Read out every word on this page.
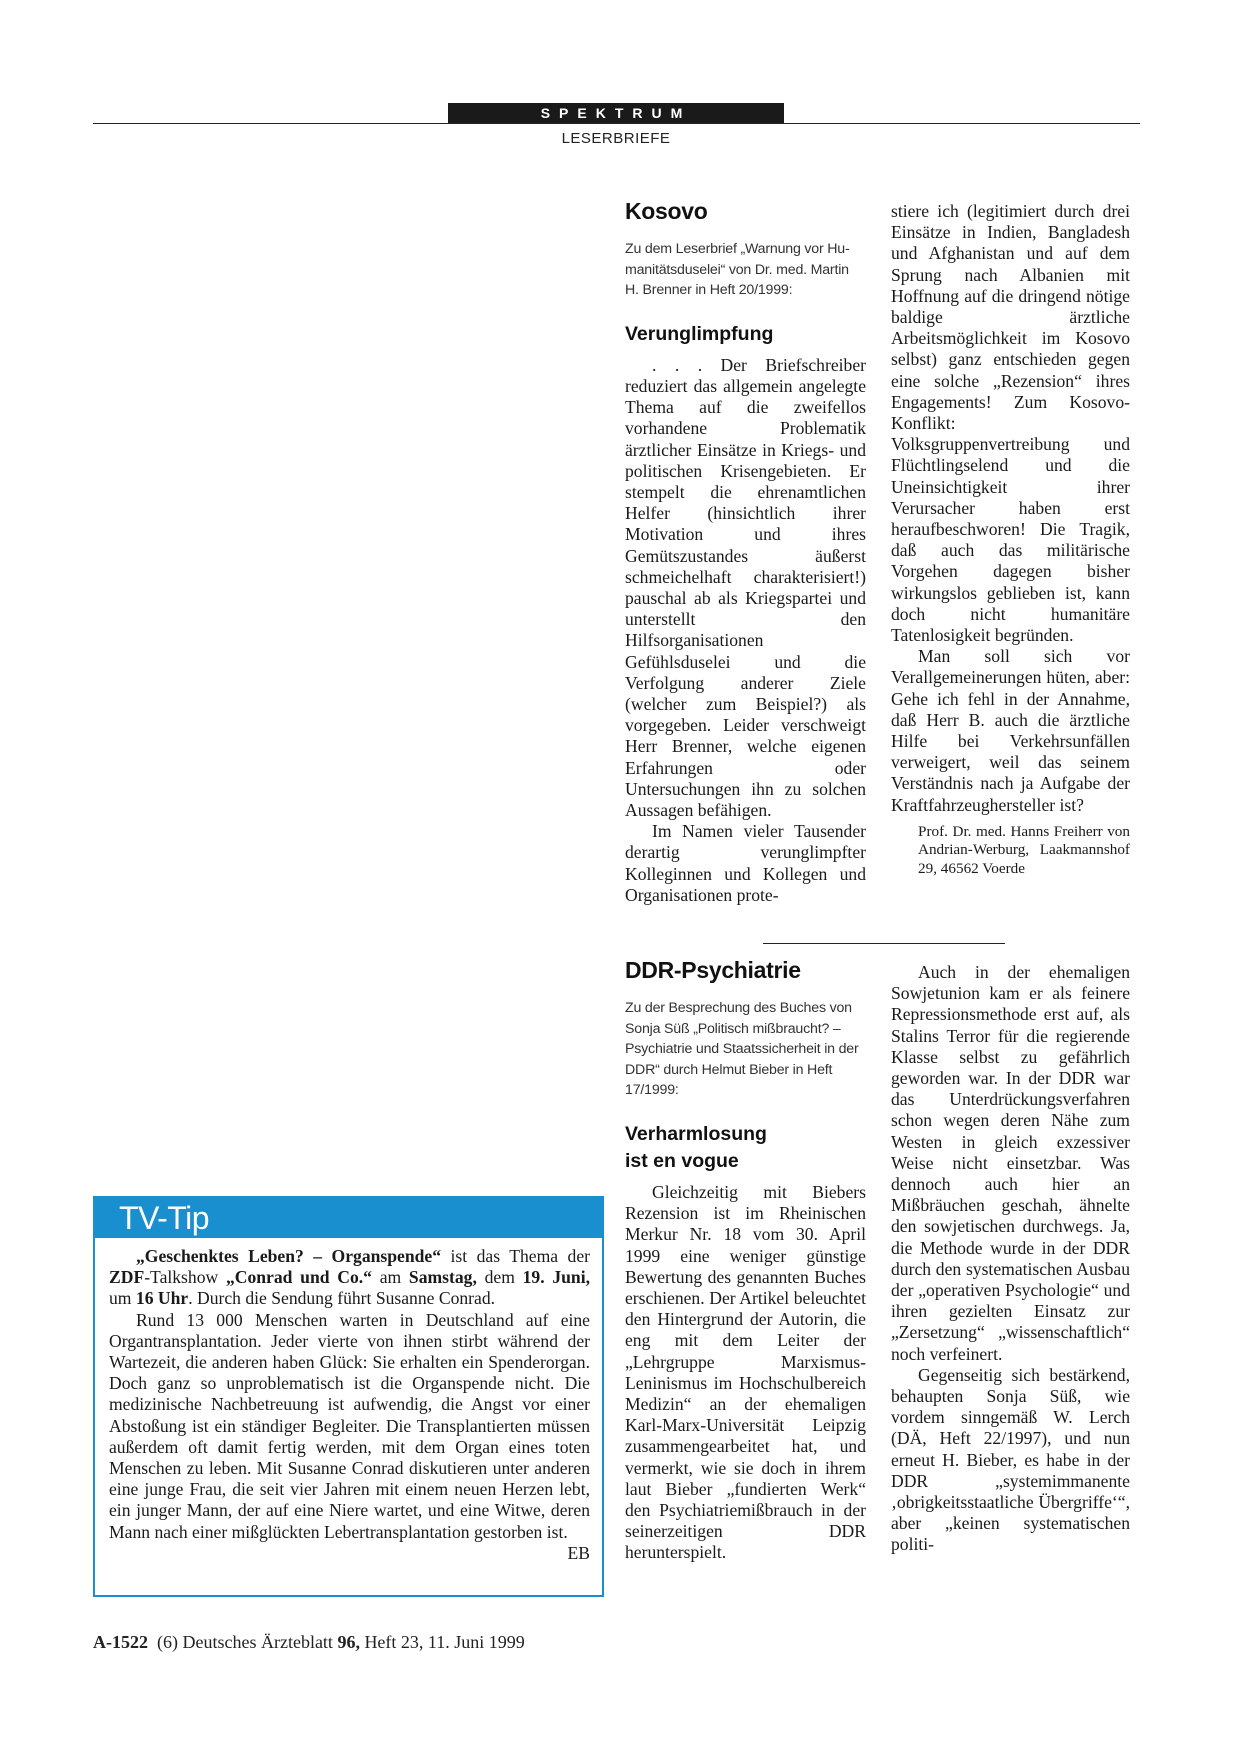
SPEKTRUM
LESERBRIEFE
Kosovo
Zu dem Leserbrief „Warnung vor Hu-manitätsduselei“ von Dr. med. Martin H. Brenner in Heft 20/1999:
Verunglimpfung

. . . Der Briefschreiber reduziert das allgemein angelegte Thema auf die zweifellos vorhandene Problematik ärztlicher Einsätze in Kriegs- und politischen Krisengebieten. Er stempelt die ehrenamtlichen Helfer (hinsichtlich ihrer Motivation und ihres Gemütszustandes äußerst schmeichelhaft charakterisiert!) pauschal ab als Kriegspartei und unterstellt den Hilfsorganisationen Gefühlsduselei und die Verfolgung anderer Ziele (welcher zum Beispiel?) als vorgegeben. Leider verschweigt Herr Brenner, welche eigenen Erfahrungen oder Untersuchungen ihn zu solchen Aussagen befähigen.

Im Namen vieler Tausender derartig verunglimpfter Kolleginnen und Kollegen und Organisationen prote-

stiere ich (legitimiert durch drei Einsätze in Indien, Bangladesh und Afghanistan und auf dem Sprung nach Albanien mit Hoffnung auf die dringend nötige baldige ärztliche Arbeitsmöglichkeit im Kosovo selbst) ganz entschieden gegen eine solche „Rezension“ ihres Engagements! Zum Kosovo-Konflikt: Volksgruppenvertreibung und Flüchtlingselend und die Uneinsichtigkeit ihrer Verursacher haben erst heraufbeschworen! Die Tragik, daß auch das militärische Vorgehen dagegen bisher wirkungslos geblieben ist, kann doch nicht humanitäre Tatenlosigkeit begründen.

Man soll sich vor Verallgemeinerungen hüten, aber: Gehe ich fehl in der Annahme, daß Herr B. auch die ärztliche Hilfe bei Verkehrsunfällen verweigert, weil das seinem Verständnis nach ja Aufgabe der Kraftfahrzeughersteller ist?

Prof. Dr. med. Hanns Freiherr von Andrian-Werburg, Laakmannshof 29, 46562 Voerde
DDR-Psychiatrie
Zu der Besprechung des Buches von Sonja Süß „Politisch mißbraucht? – Psychiatrie und Staatssicherheit in der DDR“ durch Helmut Bieber in Heft 17/1999:
Verharmlosung
ist en vogue

Gleichzeitig mit Biebers Rezension ist im Rheinischen Merkur Nr. 18 vom 30. April 1999 eine weniger günstige Bewertung des genannten Buches erschienen. Der Artikel beleuchtet den Hintergrund der Autorin, die eng mit dem Leiter der „Lehrgruppe Marxismus-Leninismus im Hochschulbereich Medizin“ an der ehemaligen Karl-Marx-Universität Leipzig zusammengearbeitet hat, und vermerkt, wie sie doch in ihrem laut Bieber „fundierten Werk“ den Psychiatriemißbrauch in der seinerzeitigen DDR herunterspielt.

Auch in der ehemaligen Sowjetunion kam er als feinere Repressionsmethode erst auf, als Stalins Terror für die regierende Klasse selbst zu gefährlich geworden war. In der DDR war das Unterdrückungsverfahren schon wegen deren Nähe zum Westen in gleich exzessiver Weise nicht einsetzbar. Was dennoch auch hier an Mißbräuchen geschah, ähnelte den sowjetischen durchwegs. Ja, die Methode wurde in der DDR durch den systematischen Ausbau der „operativen Psychologie“ und ihren gezielten Einsatz zur „Zersetzung“ „wissenschaftlich“ noch verfeinert.

Gegenseitig sich bestärkend, behaupten Sonja Süß, wie vordem sinngemäß W. Lerch (DÄ, Heft 22/1997), und nun erneut H. Bieber, es habe in der DDR „systemimmanente ‚obrigkeitsstaatliche Übergriffe‘“, aber „keinen systematischen politi-

TV-Tip

„Geschenktes Leben? – Organspende“ ist das Thema der ZDF-Talkshow „Conrad und Co.“ am Samstag, dem 19. Juni, um 16 Uhr. Durch die Sendung führt Susanne Conrad.

Rund 13 000 Menschen warten in Deutschland auf eine Organtransplantation. Jeder vierte von ihnen stirbt während der Wartezeit, die anderen haben Glück: Sie erhalten ein Spenderorgan. Doch ganz so unproblematisch ist die Organspende nicht. Die medizinische Nachbetreuung ist aufwendig, die Angst vor einer Abstoßung ist ein ständiger Begleiter. Die Transplantierten müssen außerdem oft damit fertig werden, mit dem Organ eines toten Menschen zu leben. Mit Susanne Conrad diskutieren unter anderen eine junge Frau, die seit vier Jahren mit einem neuen Herzen lebt, ein junger Mann, der auf eine Niere wartet, und eine Witwe, deren Mann nach einer mißglückten Lebertransplantation gestorben ist.
EB

A-1522 (6) Deutsches Ärzteblatt 96, Heft 23, 11. Juni 1999
